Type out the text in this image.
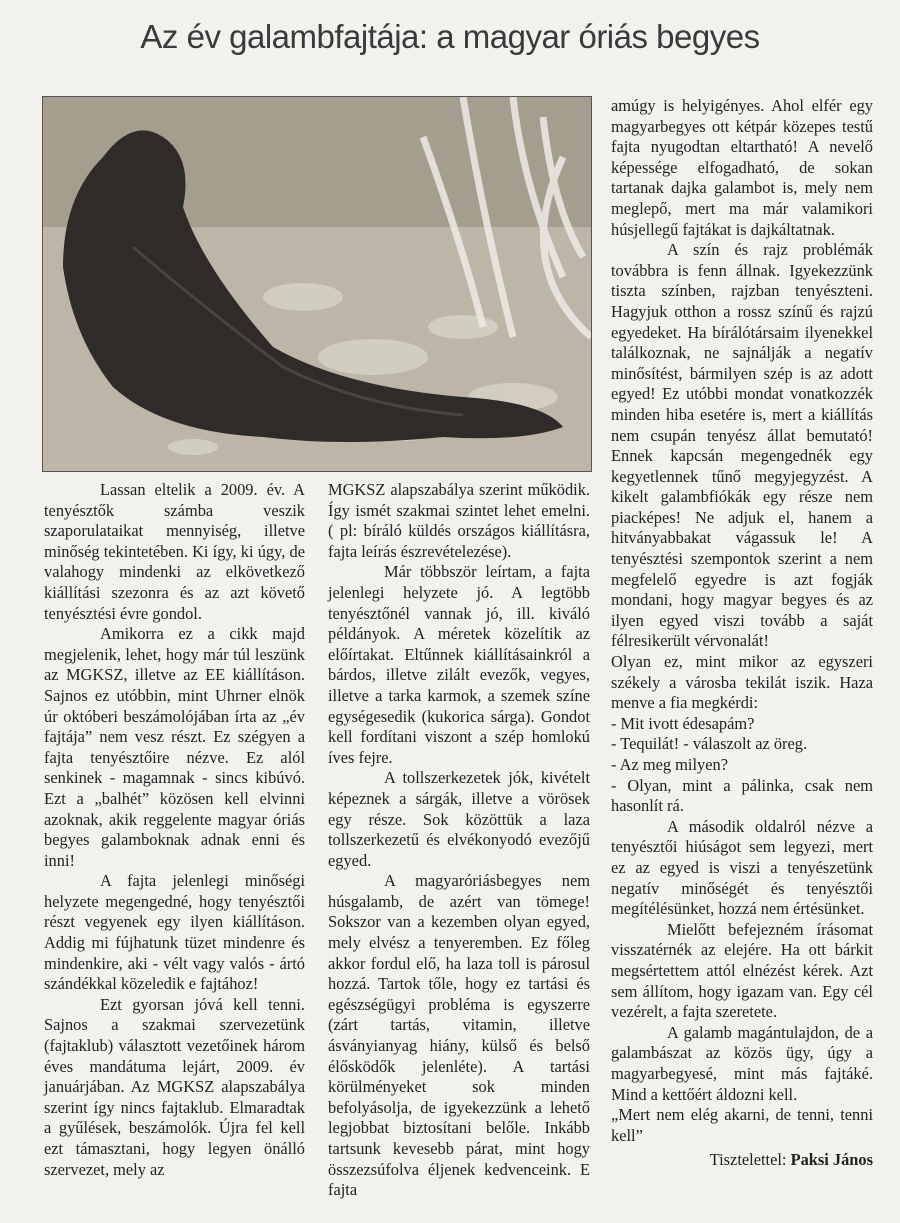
Az év galambfajtája: a magyar óriás begyes

Lassan eltelik a 2009. év. A tenyésztők számba veszik szaporulataikat mennyiség, illetve minőség tekintetében. Ki így, ki úgy, de valahogy mindenki az elkövetkező kiállítási szezonra és az azt követő tenyésztési évre gondol.

Amikorra ez a cikk majd megjelenik, lehet, hogy már túl leszünk az MGKSZ, illetve az EE kiállításon. Sajnos ez utóbbin, mint Uhrner elnök úr októberi beszámolójában írta az „év fajtája” nem vesz részt. Ez szégyen a fajta tenyésztőire nézve. Ez alól senkinek - magamnak - sincs kibúvó. Ezt a „balhét” közösen kell elvinni azoknak, akik reggelente magyar óriás begyes galamboknak adnak enni és inni!

A fajta jelenlegi minőségi helyzete megengedné, hogy tenyésztői részt vegyenek egy ilyen kiállításon. Addig mi fújhatunk tüzet mindenre és mindenkire, aki - vélt vagy valós - ártó szándékkal közeledik e fajtához!

Ezt gyorsan jóvá kell tenni. Sajnos a szakmai szervezetünk (fajtaklub) választott vezetőinek három éves mandátuma lejárt, 2009. év januárjában. Az MGKSZ alapszabálya szerint így nincs fajtaklub. Elmaradtak a gyűlések, beszámolók. Újra fel kell ezt támasztani, hogy legyen önálló szervezet, mely az

MGKSZ alapszabálya szerint működik. Így ismét szakmai szintet lehet emelni. ( pl: bíráló küldés országos kiállításra, fajta leírás észrevételezése).

Már többször leírtam, a fajta jelenlegi helyzete jó. A legtöbb tenyésztőnél vannak jó, ill. kiváló példányok. A méretek közelítik az előírtakat. Eltűnnek kiállításainkról a bárdos, illetve zilált evezők, vegyes, illetve a tarka karmok, a szemek színe egységesedik (kukorica sárga). Gondot kell fordítani viszont a szép homlokú íves fejre.

A tollszerkezetek jók, kivételt képeznek a sárgák, illetve a vörösek egy része. Sok közöttük a laza tollszerkezetű és elvékonyodó evezőjű egyed.

A magyaróriásbegyes nem húsgalamb, de azért van tömege! Sokszor van a kezemben olyan egyed, mely elvész a tenyeremben. Ez főleg akkor fordul elő, ha laza toll is párosul hozzá. Tartok tőle, hogy ez tartási és egészségügyi probléma is egyszerre (zárt tartás, vitamin, illetve ásványianyag hiány, külső és belső élősködők jelenléte). A tartási körülményeket sok minden befolyásolja, de igyekezzünk a lehető legjobbat biztosítani belőle. Inkább tartsunk kevesebb párat, mint hogy összezsúfolva éljenek kedvenceink. E fajta

amúgy is helyigényes. Ahol elfér egy magyarbegyes ott kétpár közepes testű fajta nyugodtan eltartható! A nevelő képessége elfogadható, de sokan tartanak dajka galambot is, mely nem meglepő, mert ma már valamikori húsjellegű fajtákat is dajkáltatnak.

A szín és rajz problémák továbbra is fenn állnak. Igyekezzünk tiszta színben, rajzban tenyészteni. Hagyjuk otthon a rossz színű és rajzú egyedeket. Ha bírálótársaim ilyenekkel találkoznak, ne sajnálják a negatív minősítést, bármilyen szép is az adott egyed! Ez utóbbi mondat vonatkozzék minden hiba esetére is, mert a kiállítás nem csupán tenyész állat bemutató! Ennek kapcsán megengednék egy kegyetlennek tűnő megyjegyzést. A kikelt galambfiókák egy része nem piacképes! Ne adjuk el, hanem a hitványabbakat vágassuk le! A tenyésztési szempontok szerint a nem megfelelő egyedre is azt fogják mondani, hogy magyar begyes és az ilyen egyed viszi tovább a saját félresikerült vérvonalát!

Olyan ez, mint mikor az egyszeri székely a városba tekilát iszik. Haza menve a fia megkérdi:

- Mit ivott édesapám?

- Tequilát! - válaszolt az öreg.

- Az meg milyen?

- Olyan, mint a pálinka, csak nem hasonlít rá.

A második oldalról nézve a tenyésztői hiúságot sem legyezi, mert ez az egyed is viszi a tenyészetünk negatív minőségét és tenyésztői megítélésünket, hozzá nem értésünket.

Mielőtt befejezném írásomat visszatérnék az elejére. Ha ott bárkit megsértettem attól elnézést kérek. Azt sem állítom, hogy igazam van. Egy cél vezérelt, a fajta szeretete.

A galamb magántulajdon, de a galambászat az közös ügy, úgy a magyarbegyesé, mint más fajtáké. Mind a kettőért áldozni kell.

„Mert nem elég akarni, de tenni, tenni kell”

Tisztelettel: Paksi János
